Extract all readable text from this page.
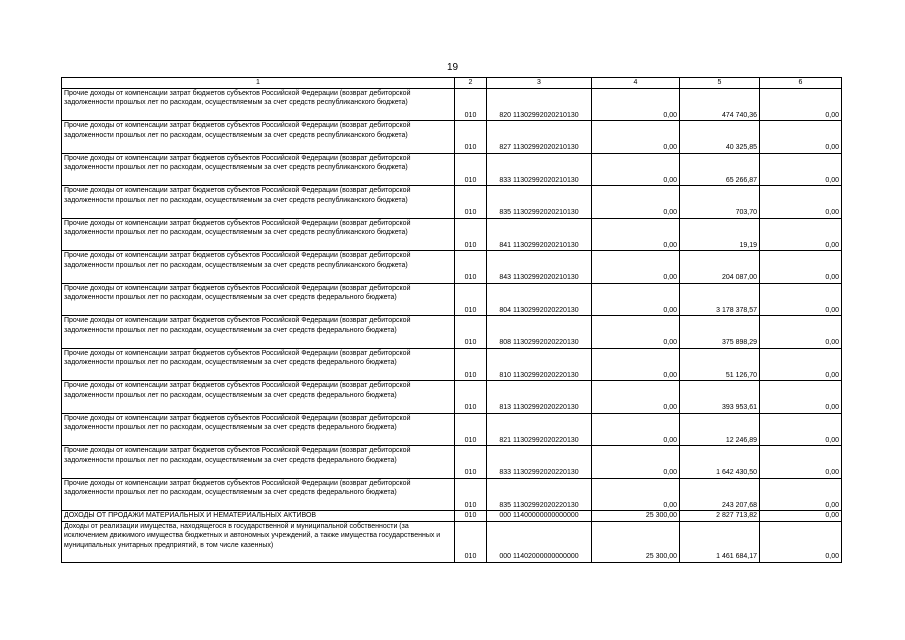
19
1	2	3	4	5	6
Прочие доходы от компенсации затрат бюджетов субъектов Российской Федерации (возврат дебиторской задолженности прошлых лет по расходам, осуществляемым за счет средств республиканского бюджета)	010	820 11302992020210130	0,00	474 740,36	0,00
Прочие доходы от компенсации затрат бюджетов субъектов Российской Федерации (возврат дебиторской задолженности прошлых лет по расходам, осуществляемым за счет средств республиканского бюджета)	010	827 11302992020210130	0,00	40 325,85	0,00
Прочие доходы от компенсации затрат бюджетов субъектов Российской Федерации (возврат дебиторской задолженности прошлых лет по расходам, осуществляемым за счет средств республиканского бюджета)	010	833 11302992020210130	0,00	65 266,87	0,00
Прочие доходы от компенсации затрат бюджетов субъектов Российской Федерации (возврат дебиторской задолженности прошлых лет по расходам, осуществляемым за счет средств республиканского бюджета)	010	835 11302992020210130	0,00	703,70	0,00
Прочие доходы от компенсации затрат бюджетов субъектов Российской Федерации (возврат дебиторской задолженности прошлых лет по расходам, осуществляемым за счет средств республиканского бюджета)	010	841 11302992020210130	0,00	19,19	0,00
Прочие доходы от компенсации затрат бюджетов субъектов Российской Федерации (возврат дебиторской задолженности прошлых лет по расходам, осуществляемым за счет средств республиканского бюджета)	010	843 11302992020210130	0,00	204 087,00	0,00
Прочие доходы от компенсации затрат бюджетов субъектов Российской Федерации (возврат дебиторской задолженности прошлых лет по расходам, осуществляемым за счет средств федерального бюджета)	010	804 11302992020220130	0,00	3 178 378,57	0,00
Прочие доходы от компенсации затрат бюджетов субъектов Российской Федерации (возврат дебиторской задолженности прошлых лет по расходам, осуществляемым за счет средств федерального бюджета)	010	808 11302992020220130	0,00	375 898,29	0,00
Прочие доходы от компенсации затрат бюджетов субъектов Российской Федерации (возврат дебиторской задолженности прошлых лет по расходам, осуществляемым за счет средств федерального бюджета)	010	810 11302992020220130	0,00	51 126,70	0,00
Прочие доходы от компенсации затрат бюджетов субъектов Российской Федерации (возврат дебиторской задолженности прошлых лет по расходам, осуществляемым за счет средств федерального бюджета)	010	813 11302992020220130	0,00	393 953,61	0,00
Прочие доходы от компенсации затрат бюджетов субъектов Российской Федерации (возврат дебиторской задолженности прошлых лет по расходам, осуществляемым за счет средств федерального бюджета)	010	821 11302992020220130	0,00	12 246,89	0,00
Прочие доходы от компенсации затрат бюджетов субъектов Российской Федерации (возврат дебиторской задолженности прошлых лет по расходам, осуществляемым за счет средств федерального бюджета)	010	833 11302992020220130	0,00	1 642 430,50	0,00
Прочие доходы от компенсации затрат бюджетов субъектов Российской Федерации (возврат дебиторской задолженности прошлых лет по расходам, осуществляемым за счет средств федерального бюджета)	010	835 11302992020220130	0,00	243 207,68	0,00
ДОХОДЫ ОТ ПРОДАЖИ МАТЕРИАЛЬНЫХ И НЕМАТЕРИАЛЬНЫХ АКТИВОВ	010	000 11400000000000000	25 300,00	2 827 713,82	0,00
Доходы от реализации имущества, находящегося в государственной и муниципальной собственности (за исключением движимого имущества бюджетных и автономных учреждений, а также имущества государственных и муниципальных унитарных предприятий, в том числе казенных)	010	000 11402000000000000	25 300,00	1 461 684,17	0,00
